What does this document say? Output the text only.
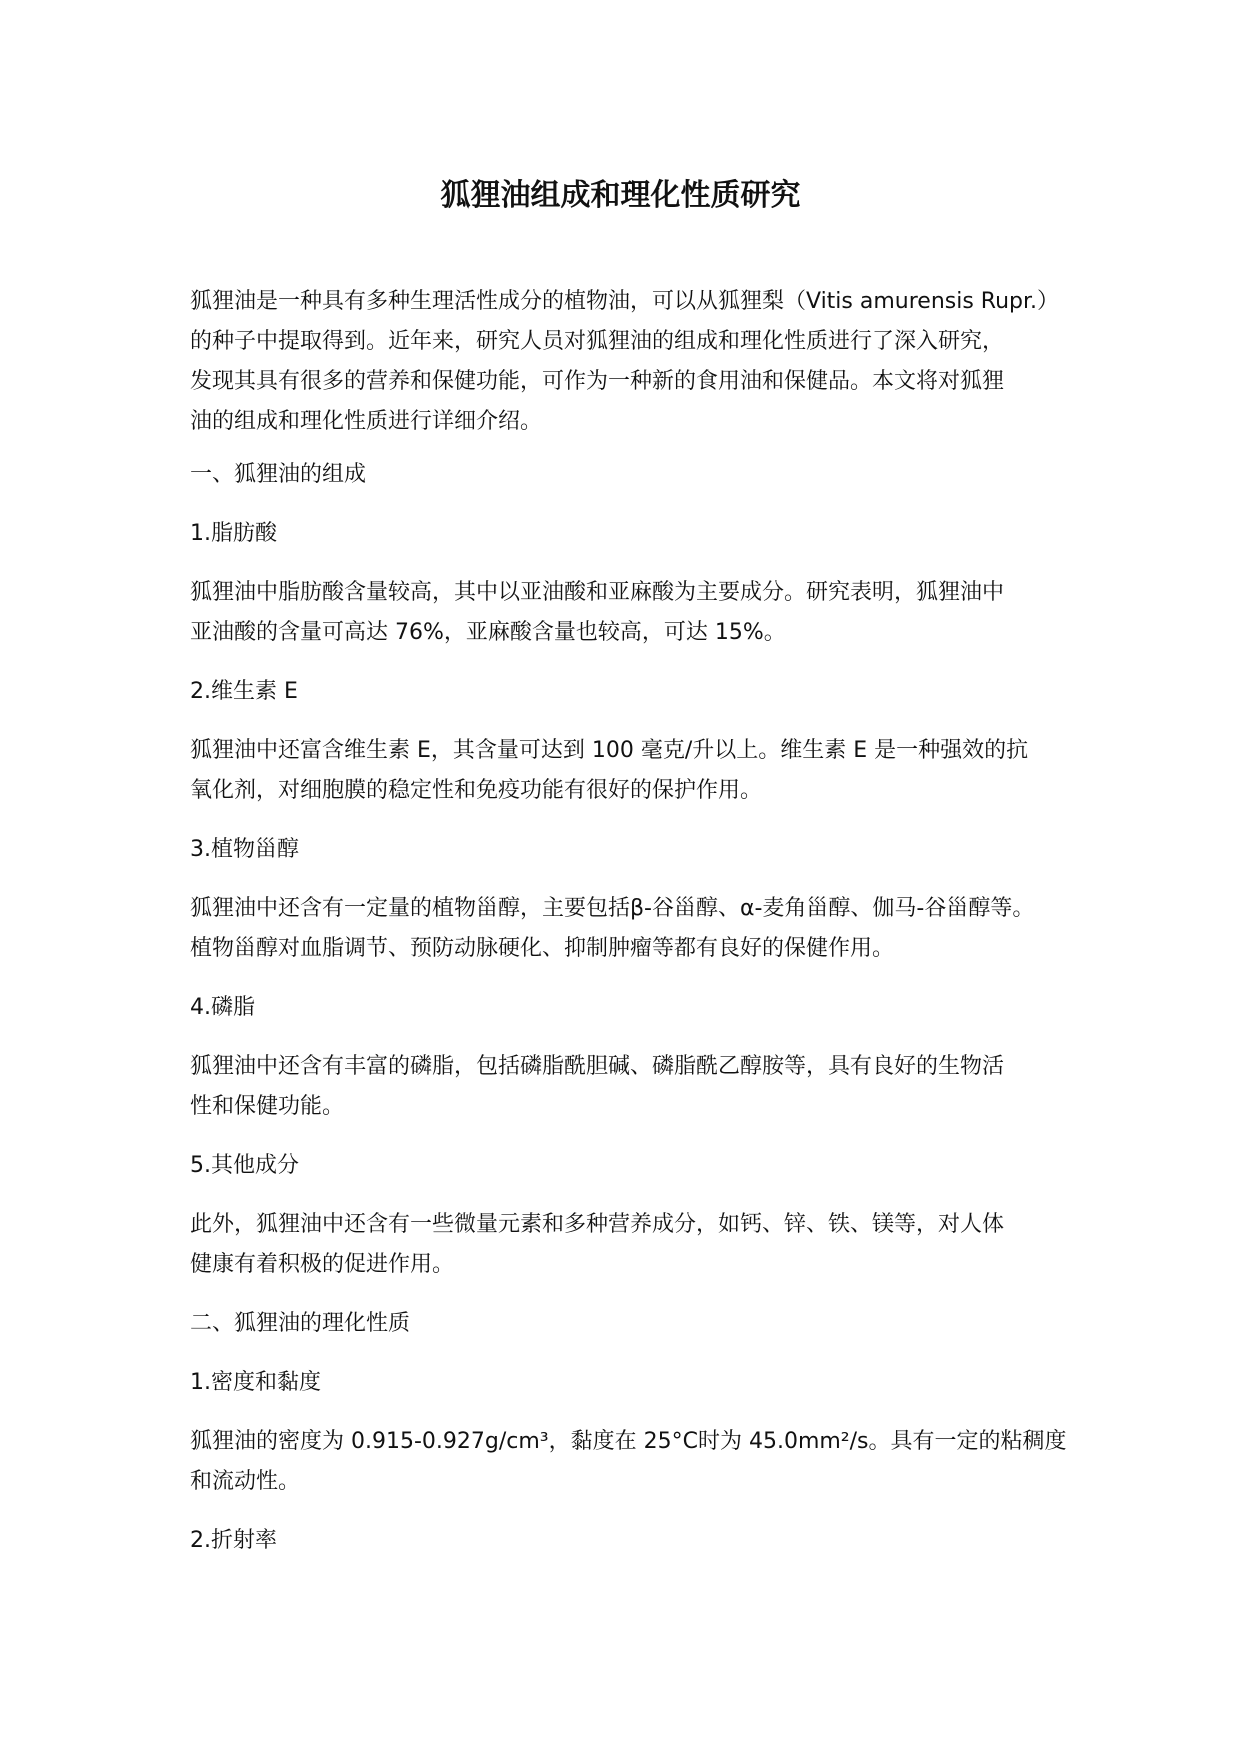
狐狸油组成和理化性质研究

狐狸油是一种具有多种生理活性成分的植物油，可以从狐狸梨（Vitis amurensis Rupr.）
的种子中提取得到。近年来，研究人员对狐狸油的组成和理化性质进行了深入研究，
发现其具有很多的营养和保健功能，可作为一种新的食用油和保健品。本文将对狐狸
油的组成和理化性质进行详细介绍。

一、狐狸油的组成

1.脂肪酸

狐狸油中脂肪酸含量较高，其中以亚油酸和亚麻酸为主要成分。研究表明，狐狸油中
亚油酸的含量可高达 76%，亚麻酸含量也较高，可达 15%。

2.维生素 E

狐狸油中还富含维生素 E，其含量可达到 100 毫克/升以上。维生素 E 是一种强效的抗
氧化剂，对细胞膜的稳定性和免疫功能有很好的保护作用。

3.植物甾醇

狐狸油中还含有一定量的植物甾醇，主要包括β-谷甾醇、α-麦角甾醇、伽马-谷甾醇等。
植物甾醇对血脂调节、预防动脉硬化、抑制肿瘤等都有良好的保健作用。

4.磷脂

狐狸油中还含有丰富的磷脂，包括磷脂酰胆碱、磷脂酰乙醇胺等，具有良好的生物活
性和保健功能。

5.其他成分

此外，狐狸油中还含有一些微量元素和多种营养成分，如钙、锌、铁、镁等，对人体
健康有着积极的促进作用。

二、狐狸油的理化性质

1.密度和黏度

狐狸油的密度为 0.915-0.927g/cm³，黏度在 25°C时为 45.0mm²/s。具有一定的粘稠度
和流动性。

2.折射率
